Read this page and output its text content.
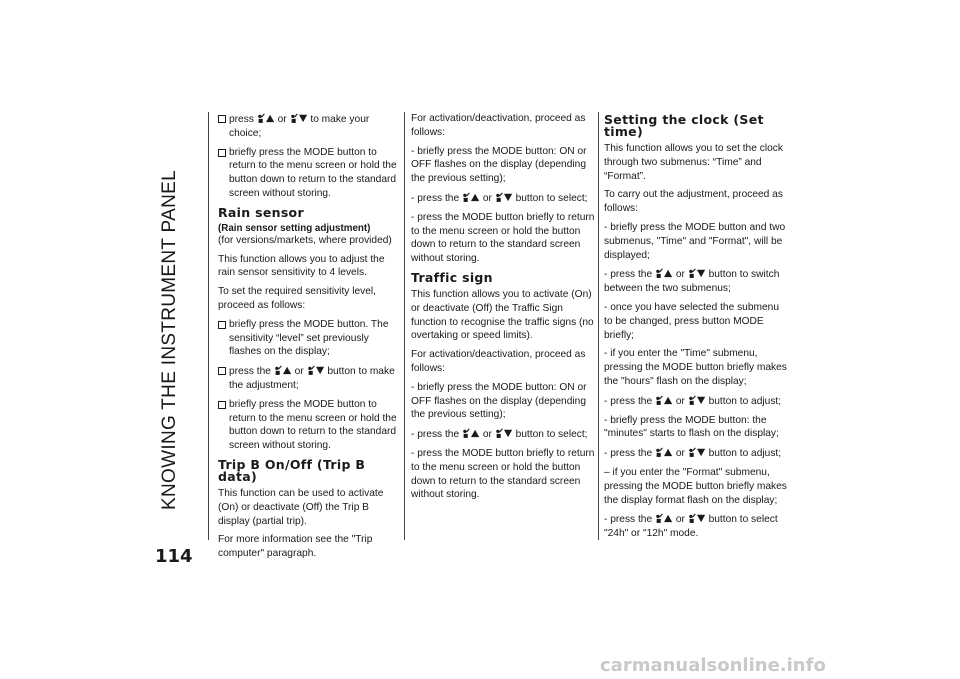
KNOWING THE INSTRUMENT PANEL
press or to make your choice;
briefly press the MODE button to return to the menu screen or hold the button down to return to the standard screen without storing.
Rain sensor
(Rain sensor setting adjustment)

(for versions/markets, where provided)

This function allows you to adjust the rain sensor sensitivity to 4 levels.

To set the required sensitivity level, proceed as follows:

briefly press the MODE button. The sensitivity “level” set previously flashes on the display;
press the or button to make the adjustment;
briefly press the MODE button to return to the menu screen or hold the button down to return to the standard screen without storing.
Trip B On/Off (Trip B data)

This function can be used to activate (On) or deactivate (Off) the Trip B display (partial trip).

For more information see the "Trip computer" paragraph.

For activation/deactivation, proceed as follows:

- briefly press the MODE button: ON or OFF flashes on the display (depending the previous setting);

- press the or button to select;

- press the MODE button briefly to return to the menu screen or hold the button down to return to the standard screen without storing.

Traffic sign

This function allows you to activate (On) or deactivate (Off) the Traffic Sign function to recognise the traffic signs (no overtaking or speed limits).

For activation/deactivation, proceed as follows:

- briefly press the MODE button: ON or OFF flashes on the display (depending the previous setting);

- press the or button to select;

- press the MODE button briefly to return to the menu screen or hold the button down to return to the standard screen without storing.

Setting the clock (Set time)

This function allows you to set the clock through two submenus: “Time” and “Format”.

To carry out the adjustment, proceed as follows:

- briefly press the MODE button and two submenus, "Time" and "Format", will be displayed;

- press the or button to switch between the two submenus;

- once you have selected the submenu to be changed, press button MODE briefly;

- if you enter the "Time" submenu, pressing the MODE button briefly makes the "hours" flash on the display;

- press the or button to adjust;

- briefly press the MODE button: the "minutes" starts to flash on the display;

- press the or button to adjust;

– if you enter the "Format" submenu, pressing the MODE button briefly makes the display format flash on the display;

- press the or button to select "24h" or "12h" mode.

114
carmanualsonline.info
